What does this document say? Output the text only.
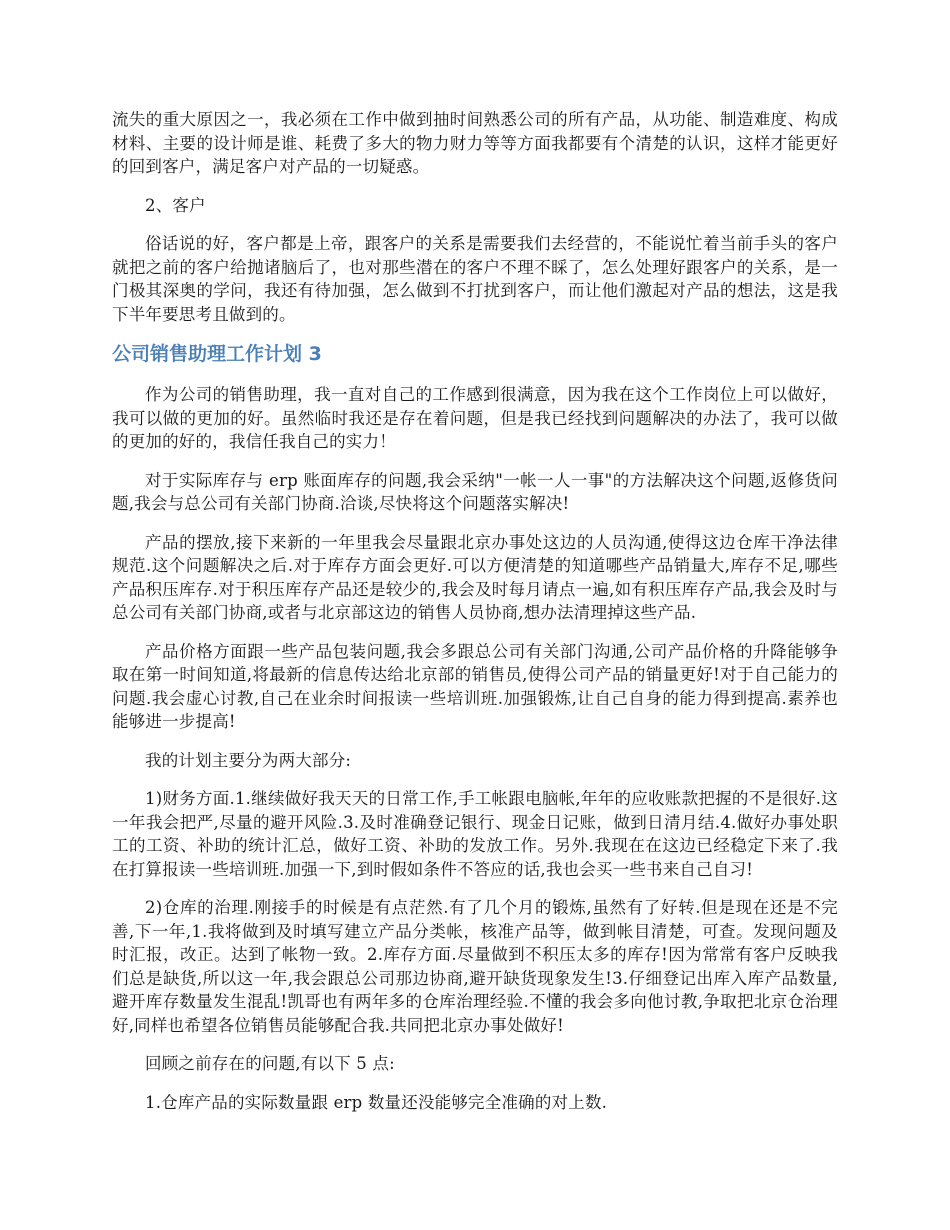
流失的重大原因之一，我必须在工作中做到抽时间熟悉公司的所有产品，从功能、制造难度、构成材料、主要的设计师是谁、耗费了多大的物力财力等等方面我都要有个清楚的认识，这样才能更好的回到客户，满足客户对产品的一切疑惑。

2、客户

俗话说的好，客户都是上帝，跟客户的关系是需要我们去经营的，不能说忙着当前手头的客户就把之前的客户给抛诸脑后了，也对那些潜在的客户不理不睬了，怎么处理好跟客户的关系，是一门极其深奥的学问，我还有待加强，怎么做到不打扰到客户，而让他们激起对产品的想法，这是我下半年要思考且做到的。

公司销售助理工作计划 3

作为公司的销售助理，我一直对自己的工作感到很满意，因为我在这个工作岗位上可以做好，我可以做的更加的好。虽然临时我还是存在着问题，但是我已经找到问题解决的办法了，我可以做的更加的好的，我信任我自己的实力！

对于实际库存与 erp 账面库存的问题,我会采纳"一帐一人一事"的方法解决这个问题,返修货问题,我会与总公司有关部门协商.洽谈,尽快将这个问题落实解决!

产品的摆放,接下来新的一年里我会尽量跟北京办事处这边的人员沟通,使得这边仓库干净法律规范.这个问题解决之后.对于库存方面会更好.可以方便清楚的知道哪些产品销量大,库存不足,哪些产品积压库存.对于积压库存产品还是较少的,我会及时每月请点一遍,如有积压库存产品,我会及时与总公司有关部门协商,或者与北京部这边的销售人员协商,想办法清理掉这些产品.

产品价格方面跟一些产品包装问题,我会多跟总公司有关部门沟通,公司产品价格的升降能够争取在第一时间知道,将最新的信息传达给北京部的销售员,使得公司产品的销量更好!对于自己能力的问题.我会虚心讨教,自己在业余时间报读一些培训班.加强锻炼,让自己自身的能力得到提高.素养也能够进一步提高!

我的计划主要分为两大部分:

1)财务方面.1.继续做好我天天的日常工作,手工帐跟电脑帐,年年的应收账款把握的不是很好.这一年我会把严,尽量的避开风险.3.及时准确登记银行、现金日记账，做到日清月结.4.做好办事处职工的工资、补助的统计汇总，做好工资、补助的发放工作。另外.我现在在这边已经稳定下来了.我在打算报读一些培训班.加强一下,到时假如条件不答应的话,我也会买一些书来自己自习!

2)仓库的治理.刚接手的时候是有点茫然.有了几个月的锻炼,虽然有了好转.但是现在还是不完善,下一年,1.我将做到及时填写建立产品分类帐，核准产品等，做到帐目清楚，可查。发现问题及时汇报，改正。达到了帐物一致。2.库存方面.尽量做到不积压太多的库存!因为常常有客户反映我们总是缺货,所以这一年,我会跟总公司那边协商,避开缺货现象发生!3.仔细登记出库入库产品数量,避开库存数量发生混乱!凯哥也有两年多的仓库治理经验.不懂的我会多向他讨教,争取把北京仓治理好,同样也希望各位销售员能够配合我.共同把北京办事处做好!

回顾之前存在的问题,有以下 5 点:

1.仓库产品的实际数量跟 erp 数量还没能够完全准确的对上数.
